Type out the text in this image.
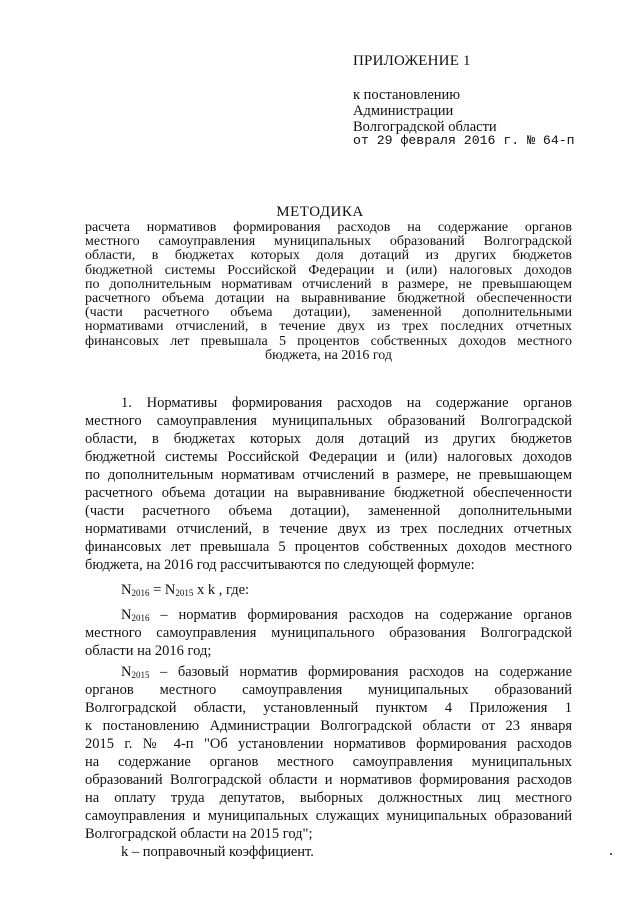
ПРИЛОЖЕНИЕ 1
к постановлению
Администрации
Волгоградской области
от 29 февраля 2016 г. № 64-п
МЕТОДИКА
расчета нормативов формирования расходов на содержание органов
местного самоуправления муниципальных образований Волгоградской
области, в бюджетах которых доля дотаций из других бюджетов
бюджетной системы Российской Федерации и (или) налоговых доходов
по дополнительным нормативам отчислений в размере, не превышающем
расчетного объема дотации на выравнивание бюджетной обеспеченности
(части расчетного объема дотации), замененной дополнительными
нормативами отчислений, в течение двух из трех последних отчетных
финансовых лет превышала 5 процентов собственных доходов местного
бюджета, на 2016 год
1. Нормативы формирования расходов на содержание органов
местного самоуправления муниципальных образований Волгоградской
области, в бюджетах которых доля дотаций из других бюджетов
бюджетной системы Российской Федерации и (или) налоговых доходов
по дополнительным нормативам отчислений в размере, не превышающем
расчетного объема дотации на выравнивание бюджетной обеспеченности
(части расчетного объема дотации), замененной дополнительными
нормативами отчислений, в течение двух из трех последних отчетных
финансовых лет превышала 5 процентов собственных доходов местного
бюджета, на 2016 год рассчитываются по следующей формуле:
$N_{2016} = N_{2015}$ x k , где:
$N_{2016}$ – норматив формирования расходов на содержание органов
местного самоуправления муниципального образования Волгоградской
области на 2016 год;
$N_{2015}$ – базовый норматив формирования расходов на содержание
органов местного самоуправления муниципальных образований
Волгоградской области, установленный пунктом 4 Приложения 1
к постановлению Администрации Волгоградской области от 23 января
2015 г. № 4-п "Об установлении нормативов формирования расходов
на содержание органов местного самоуправления муниципальных
образований Волгоградской области и нормативов формирования расходов
на оплату труда депутатов, выборных должностных лиц местного
самоуправления и муниципальных служащих муниципальных образований
Волгоградской области на 2015 год";
k – поправочный коэффициент.
